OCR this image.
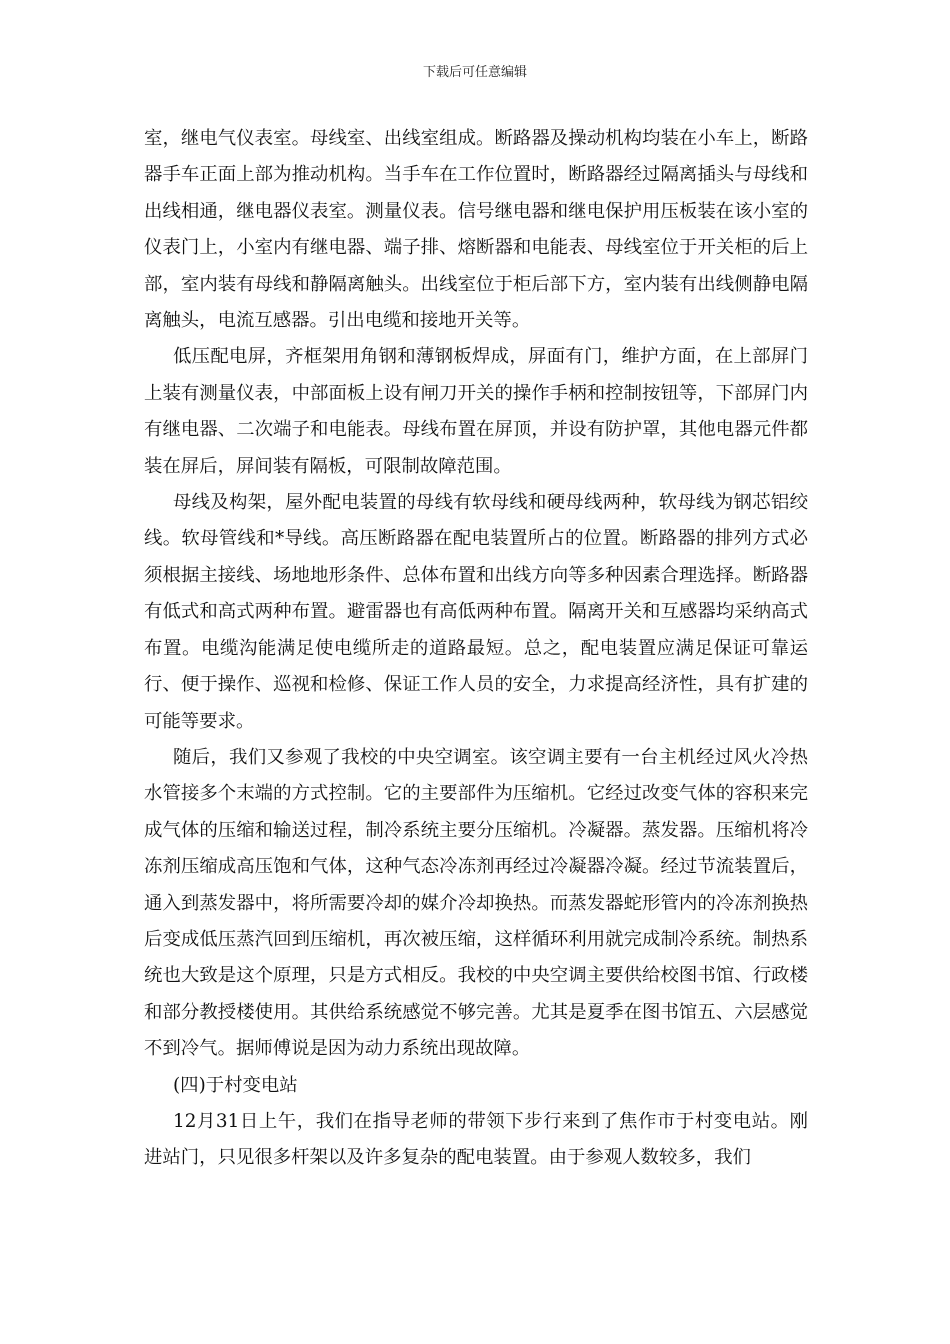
下载后可任意编辑

室，继电气仪表室。母线室、出线室组成。断路器及操动机构均装在小车上，断路器手车正面上部为推动机构。当手车在工作位置时，断路器经过隔离插头与母线和出线相通，继电器仪表室。测量仪表。信号继电器和继电保护用压板装在该小室的仪表门上，小室内有继电器、端子排、熔断器和电能表、母线室位于开关柜的后上部，室内装有母线和静隔离触头。出线室位于柜后部下方，室内装有出线侧静电隔离触头，电流互感器。引出电缆和接地开关等。

低压配电屏，齐框架用角钢和薄钢板焊成，屏面有门，维护方面，在上部屏门上装有测量仪表，中部面板上设有闸刀开关的操作手柄和控制按钮等，下部屏门内有继电器、二次端子和电能表。母线布置在屏顶，并设有防护罩，其他电器元件都装在屏后，屏间装有隔板，可限制故障范围。

母线及构架，屋外配电装置的母线有软母线和硬母线两种，软母线为钢芯铝绞线。软母管线和*导线。高压断路器在配电装置所占的位置。断路器的排列方式必须根据主接线、场地地形条件、总体布置和出线方向等多种因素合理选择。断路器有低式和高式两种布置。避雷器也有高低两种布置。隔离开关和互感器均采纳高式布置。电缆沟能满足使电缆所走的道路最短。总之，配电装置应满足保证可靠运行、便于操作、巡视和检修、保证工作人员的安全，力求提高经济性，具有扩建的可能等要求。

随后，我们又参观了我校的中央空调室。该空调主要有一台主机经过风火冷热水管接多个末端的方式控制。它的主要部件为压缩机。它经过改变气体的容积来完成气体的压缩和输送过程，制冷系统主要分压缩机。冷凝器。蒸发器。压缩机将冷冻剂压缩成高压饱和气体，这种气态冷冻剂再经过冷凝器冷凝。经过节流装置后，通入到蒸发器中，将所需要冷却的媒介冷却换热。而蒸发器蛇形管内的冷冻剂换热后变成低压蒸汽回到压缩机，再次被压缩，这样循环利用就完成制冷系统。制热系统也大致是这个原理，只是方式相反。我校的中央空调主要供给校图书馆、行政楼和部分教授楼使用。其供给系统感觉不够完善。尤其是夏季在图书馆五、六层感觉不到冷气。据师傅说是因为动力系统出现故障。

(四)于村变电站

12月31日上午，我们在指导老师的带领下步行来到了焦作市于村变电站。刚进站门，只见很多杆架以及许多复杂的配电装置。由于参观人数较多，我们
